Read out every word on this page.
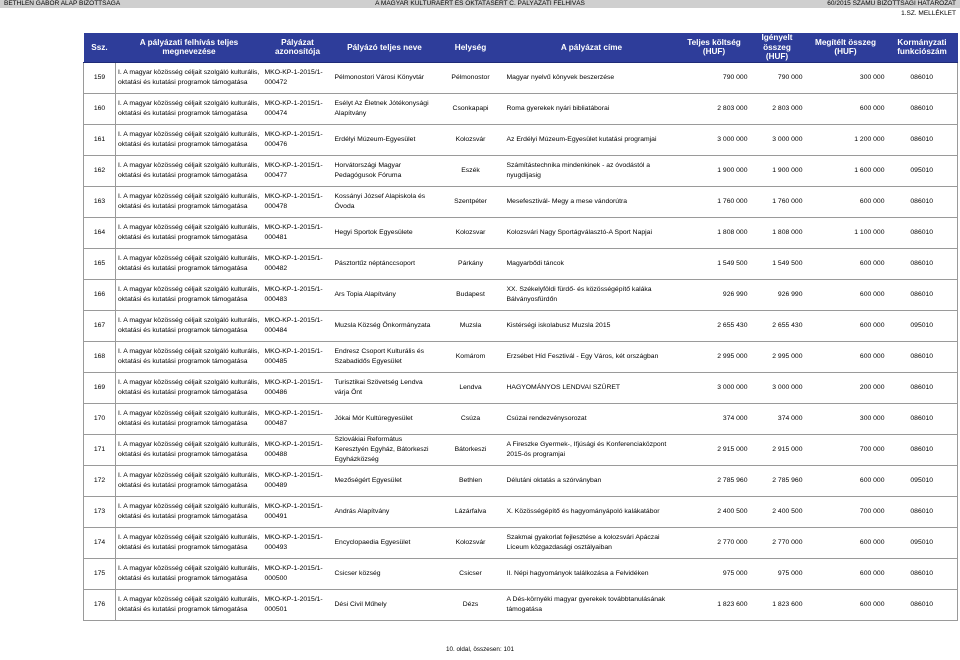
BETHLEN GÁBOR ALAP BIZOTTSÁGA	A MAGYAR KULTÚRÁÉRT ÉS OKTATÁSÉRT C. PÁLYÁZATI FELHÍVÁS	60/2015 SZÁMÚ BIZOTTSÁGI HATÁROZAT
1.SZ. MELLÉKLET
Ssz.	A pályázati felhívás teljes megnevezése	Pályázat azonosítója	Pályázó teljes neve	Helység	A pályázat címe	Teljes költség (HUF)	Igényelt összeg (HUF)	Megítélt összeg (HUF)	Kormányzati funkciószám
159	I. A magyar közösség céljait szolgáló kulturális, oktatási és kutatási programok támogatása	MKO-KP-1-2015/1-000472	Pélmonostori Városi Könyvtár	Pélmonostor	Magyar nyelvű könyvek beszerzése	790 000	790 000	300 000	086010
160	I. A magyar közösség céljait szolgáló kulturális, oktatási és kutatási programok támogatása	MKO-KP-1-2015/1-000474	Esélyt Az Életnek Jótékonysági Alapítvány	Csonkapapi	Roma gyerekek nyári bibliatáborai	2 803 000	2 803 000	600 000	086010
161	I. A magyar közösség céljait szolgáló kulturális, oktatási és kutatási programok támogatása	MKO-KP-1-2015/1-000476	Erdélyi Múzeum-Egyesület	Kolozsvár	Az Erdélyi Múzeum-Egyesület kutatási programjai	3 000 000	3 000 000	1 200 000	086010
162	I. A magyar közösség céljait szolgáló kulturális, oktatási és kutatási programok támogatása	MKO-KP-1-2015/1-000477	Horvátországi Magyar Pedagógusok Fóruma	Eszék	Számítástechnika mindenkinek - az óvodástól a nyugdíjasig	1 900 000	1 900 000	1 600 000	095010
163	I. A magyar közösség céljait szolgáló kulturális, oktatási és kutatási programok támogatása	MKO-KP-1-2015/1-000478	Kossányi József Alapiskola és Óvoda	Szentpéter	Mesefesztivál- Megy a mese vándorútra	1 760 000	1 760 000	600 000	086010
164	I. A magyar közösség céljait szolgáló kulturális, oktatási és kutatási programok támogatása	MKO-KP-1-2015/1-000481	Hegyi Sportok Egyesülete	Kolozsvar	Kolozsvári Nagy Sportágválasztó-A Sport Napjai	1 808 000	1 808 000	1 100 000	086010
165	I. A magyar közösség céljait szolgáló kulturális, oktatási és kutatási programok támogatása	MKO-KP-1-2015/1-000482	Pásztortűz néptánccsoport	Párkány	Magyarbődi táncok	1 549 500	1 549 500	600 000	086010
166	I. A magyar közösség céljait szolgáló kulturális, oktatási és kutatási programok támogatása	MKO-KP-1-2015/1-000483	Ars Topia Alapítvány	Budapest	XX. Székelyföldi fürdő- és közösségépítő kaláka Bálványosfürdőn	926 990	926 990	600 000	086010
167	I. A magyar közösség céljait szolgáló kulturális, oktatási és kutatási programok támogatása	MKO-KP-1-2015/1-000484	Muzsla Község Önkormányzata	Muzsla	Kistérségi iskolabusz Muzsla 2015	2 655 430	2 655 430	600 000	095010
168	I. A magyar közösség céljait szolgáló kulturális, oktatási és kutatási programok támogatása	MKO-KP-1-2015/1-000485	Endresz Csoport Kulturális és Szabadidős Egyesület	Komárom	Erzsébet Híd Fesztivál - Egy Város, két országban	2 995 000	2 995 000	600 000	086010
169	I. A magyar közösség céljait szolgáló kulturális, oktatási és kutatási programok támogatása	MKO-KP-1-2015/1-000486	Turisztikai Szövetség Lendva várja Önt	Lendva	HAGYOMÁNYOS LENDVAI SZÜRET	3 000 000	3 000 000	200 000	086010
170	I. A magyar közösség céljait szolgáló kulturális, oktatási és kutatási programok támogatása	MKO-KP-1-2015/1-000487	Jókai Mór Kultúregyesület	Csúza	Csúzai rendezvénysorozat	374 000	374 000	300 000	086010
171	I. A magyar közösség céljait szolgáló kulturális, oktatási és kutatási programok támogatása	MKO-KP-1-2015/1-000488	Szlovákiai Református Keresztyén Egyház, Bátorkeszi Egyházközség	Bátorkeszi	A Fireszke Gyermek-, Ifjúsági és Konferenciaközpont 2015-ös programjai	2 915 000	2 915 000	700 000	086010
172	I. A magyar közösség céljait szolgáló kulturális, oktatási és kutatási programok támogatása	MKO-KP-1-2015/1-000489	Mezőségért Egyesület	Bethlen	Délutáni oktatás a szórványban	2 785 960	2 785 960	600 000	095010
173	I. A magyar közösség céljait szolgáló kulturális, oktatási és kutatási programok támogatása	MKO-KP-1-2015/1-000491	András Alapítvány	Lázárfalva	X. Közösségépítő és hagyományápoló kalákatábor	2 400 500	2 400 500	700 000	086010
174	I. A magyar közösség céljait szolgáló kulturális, oktatási és kutatási programok támogatása	MKO-KP-1-2015/1-000493	Encyclopaedia Egyesület	Kolozsvár	Szakmai gyakorlat fejlesztése a kolozsvári Apáczai Líceum közgazdasági osztályaiban	2 770 000	2 770 000	600 000	095010
175	I. A magyar közösség céljait szolgáló kulturális, oktatási és kutatási programok támogatása	MKO-KP-1-2015/1-000500	Csicser község	Csicser	II. Népi hagyományok találkozása a Felvidéken	975 000	975 000	600 000	086010
176	I. A magyar közösség céljait szolgáló kulturális, oktatási és kutatási programok támogatása	MKO-KP-1-2015/1-000501	Dési Civil Műhely	Dézs	A Dés-környéki magyar gyerekek továbbtanulásának támogatása	1 823 600	1 823 600	600 000	086010
10. oldal, összesen: 101
